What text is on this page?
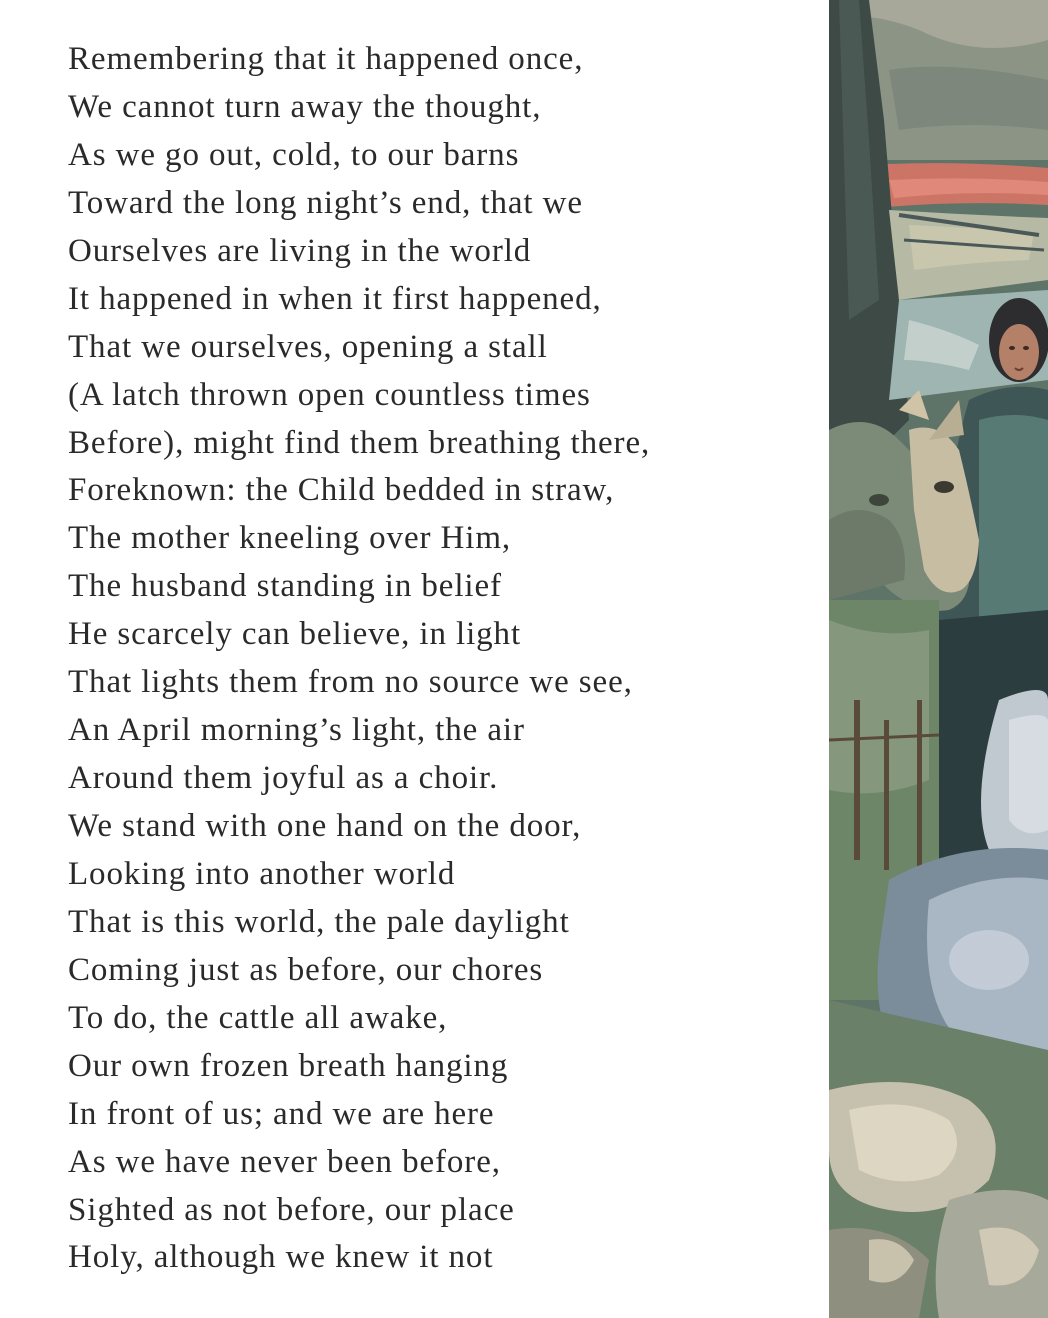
Remembering that it happened once,
We cannot turn away the thought,
As we go out, cold, to our barns
Toward the long night’s end, that we
Ourselves are living in the world
It happened in when it first happened,
That we ourselves, opening a stall
(A latch thrown open countless times
Before), might find them breathing there,
Foreknown: the Child bedded in straw,
The mother kneeling over Him,
The husband standing in belief
He scarcely can believe, in light
That lights them from no source we see,
An April morning’s light, the air
Around them joyful as a choir.
We stand with one hand on the door,
Looking into another world
That is this world, the pale daylight
Coming just as before, our chores
To do, the cattle all awake,
Our own frozen breath hanging
In front of us; and we are here
As we have never been before,
Sighted as not before, our place
Holy, although we knew it not
